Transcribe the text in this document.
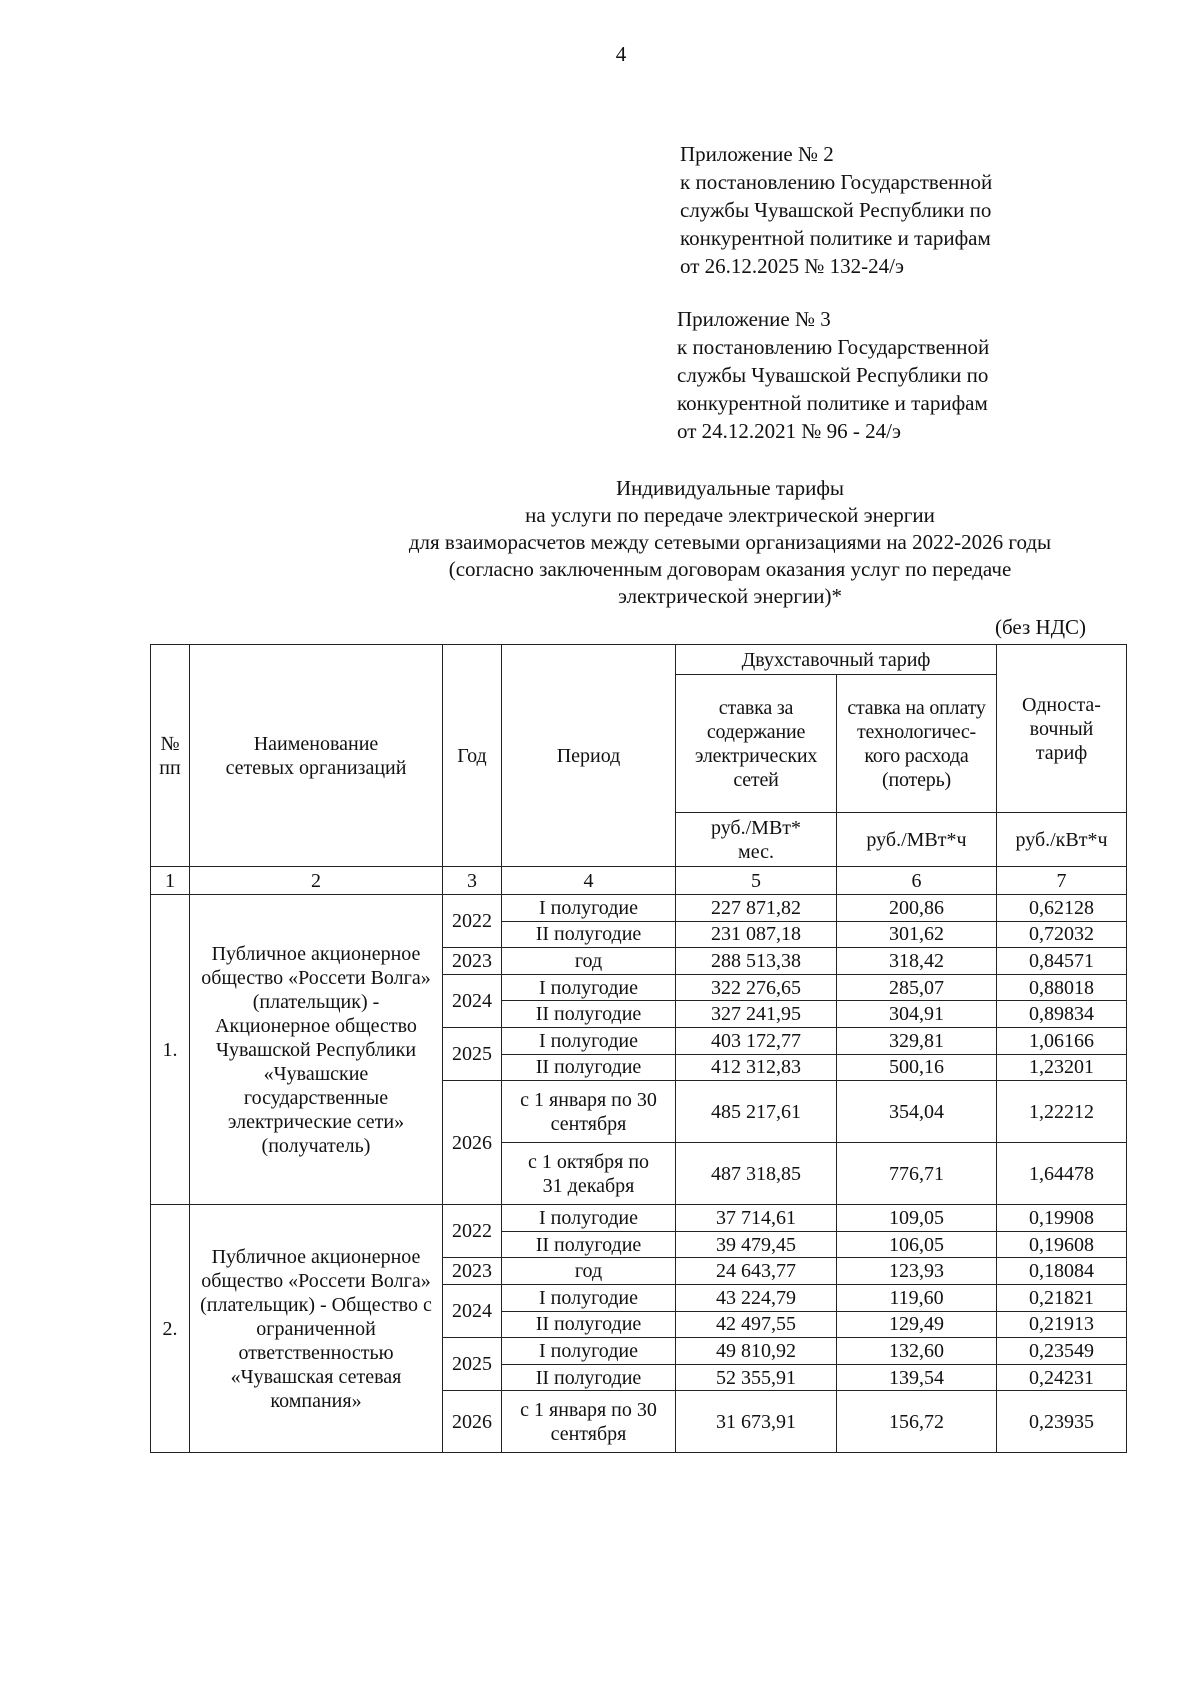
4
Приложение № 2
к постановлению Государственной
службы Чувашской Республики по
конкурентной политике и тарифам
от 26.12.2025 № 132-24/э
Приложение № 3
к постановлению Государственной
службы Чувашской Республики по
конкурентной политике и тарифам
от 24.12.2021 № 96 - 24/э
Индивидуальные тарифы
на услуги по передаче электрической энергии
для взаиморасчетов между сетевыми организациями на 2022-2026 годы
(согласно заключенным договорам оказания услуг по передаче
электрической энергии)*
(без НДС)
№ пп	Наименование сетевых организаций	Год	Период	Двухставочный тариф		Односта-вочный тариф
				ставка за содержание электрических сетей	ставка на оплату технологичес-кого расхода (потерь)	
				руб./МВт* мес.	руб./МВт*ч	руб./кВт*ч
1	2	3	4	5	6	7
1.	Публичное акционерное общество «Россети Волга» (плательщик) - Акционерное общество Чувашской Республики «Чувашские государственные электрические сети» (получатель)	2022	I полугодие	227 871,82	200,86	0,62128
			II полугодие	231 087,18	301,62	0,72032
		2023	год	288 513,38	318,42	0,84571
		2024	I полугодие	322 276,65	285,07	0,88018
			II полугодие	327 241,95	304,91	0,89834
		2025	I полугодие	403 172,77	329,81	1,06166
			II полугодие	412 312,83	500,16	1,23201
		2026	с 1 января по 30 сентября	485 217,61	354,04	1,22212
			с 1 октября по 31 декабря	487 318,85	776,71	1,64478
2.	Публичное акционерное общество «Россети Волга» (плательщик) - Общество с ограниченной ответственностью «Чувашская сетевая компания»	2022	I полугодие	37 714,61	109,05	0,19908
			II полугодие	39 479,45	106,05	0,19608
		2023	год	24 643,77	123,93	0,18084
		2024	I полугодие	43 224,79	119,60	0,21821
			II полугодие	42 497,55	129,49	0,21913
		2025	I полугодие	49 810,92	132,60	0,23549
			II полугодие	52 355,91	139,54	0,24231
		2026	с 1 января по 30 сентября	31 673,91	156,72	0,23935
